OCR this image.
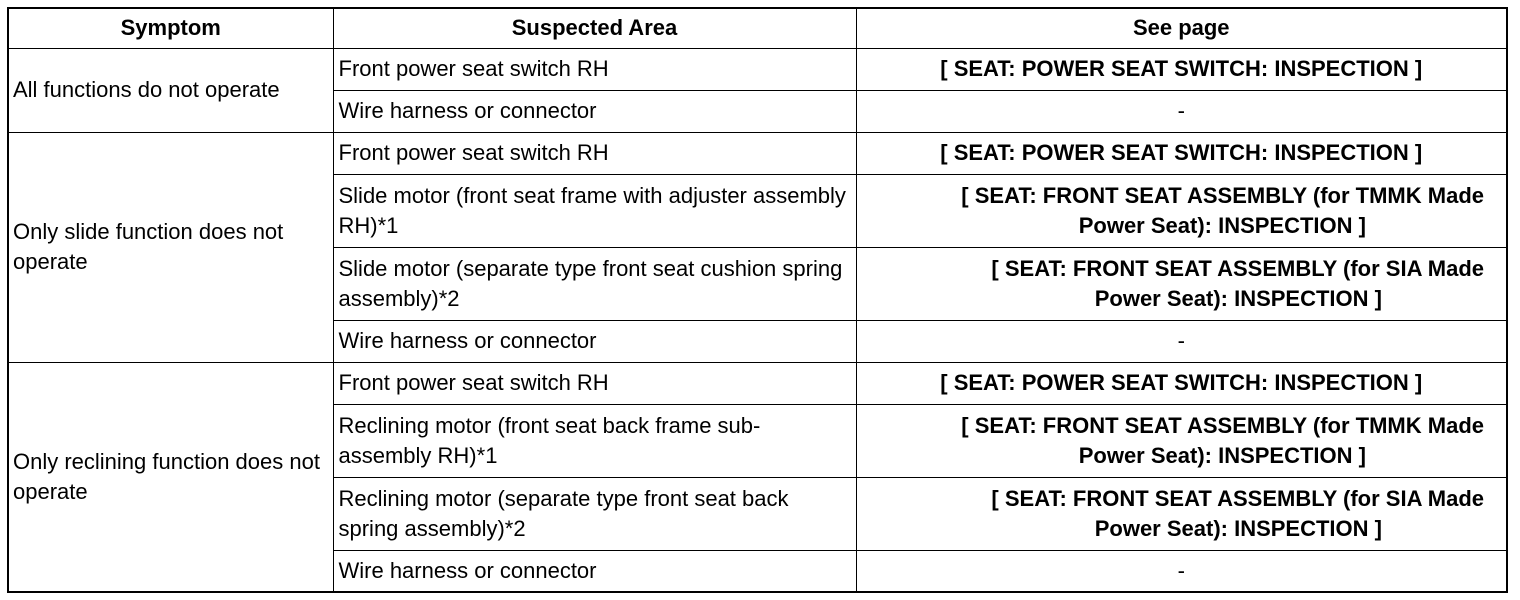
Symptom	Suspected Area	See page
All functions do not operate	Front power seat switch RH	[ SEAT: POWER SEAT SWITCH: INSPECTION ]
	Wire harness or connector	-
Only slide function does not operate	Front power seat switch RH	[ SEAT: POWER SEAT SWITCH: INSPECTION ]
	Slide motor (front seat frame with adjuster assembly RH)*1	[ SEAT: FRONT SEAT ASSEMBLY (for TMMK Made
Power Seat): INSPECTION ]
	Slide motor (separate type front seat cushion spring assembly)*2	[ SEAT: FRONT SEAT ASSEMBLY (for SIA Made
Power Seat): INSPECTION ]
	Wire harness or connector	-
Only reclining function does not operate	Front power seat switch RH	[ SEAT: POWER SEAT SWITCH: INSPECTION ]
	Reclining motor (front seat back frame sub-assembly RH)*1	[ SEAT: FRONT SEAT ASSEMBLY (for TMMK Made
Power Seat): INSPECTION ]
	Reclining motor (separate type front seat back spring assembly)*2	[ SEAT: FRONT SEAT ASSEMBLY (for SIA Made
Power Seat): INSPECTION ]
	Wire harness or connector	-
